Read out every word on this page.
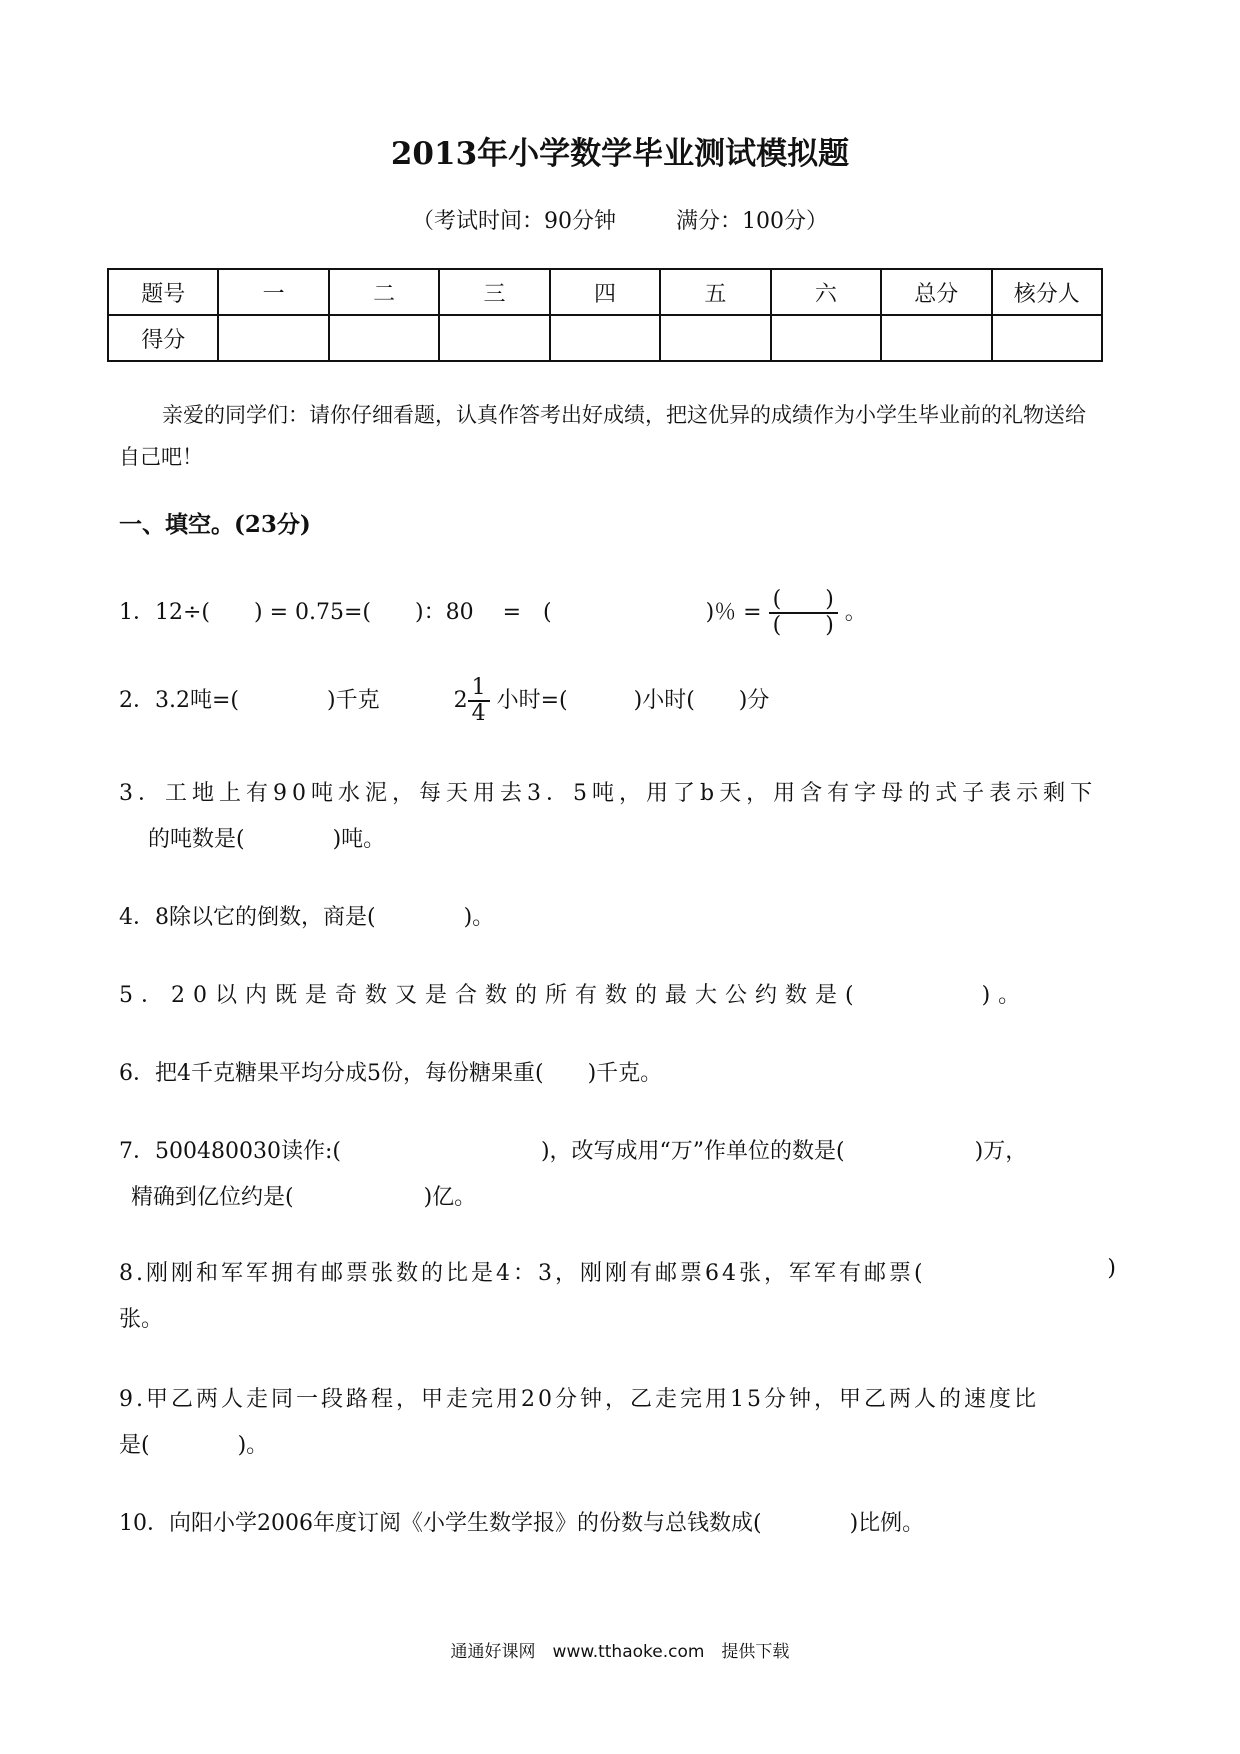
2013年小学数学毕业测试模拟题
（考试时间：90分钟	满分：100分）
题号	一	二	三	四	五	六	总分	核分人
得分								
亲爱的同学们：请你仔细看题，认真作答考出好成绩，把这优异的成绩作为小学生毕业前的礼物送给
自己吧！
一、填空。(23分)
1．12÷(　　) = 0.75=(　　)：80　 =　(　　　　　　　)％ = $\frac{( )}{( )}$ 。
2．3.2吨=(　　　　)千克	$2 \frac{1}{4}$ 小时=(　　　)小时(　　)分
3．工地上有90吨水泥，每天用去3．5吨，用了b天，用含有字母的式子表示剩下
的吨数是(　　　　)吨。
4．8除以它的倒数，商是(　　　　)。
5．20以内既是奇数又是合数的所有数的最大公约数是(　　　　)。
6．把4千克糖果平均分成5份，每份糖果重(　　)千克。
7．500480030读作:(	)，改写成用“万”作单位的数是(	)万，
精确到亿位约是(	)亿。
8.刚刚和军军拥有邮票张数的比是4：3，刚刚有邮票64张，军军有邮票(	)
张。
9.甲乙两人走同一段路程，甲走完用20分钟，乙走完用15分钟，甲乙两人的速度比
是(　　　　)。
10．向阳小学2006年度订阅《小学生数学报》的份数与总钱数成(　　　　)比例。
通通好课网　www.tthaoke.com　提供下载
